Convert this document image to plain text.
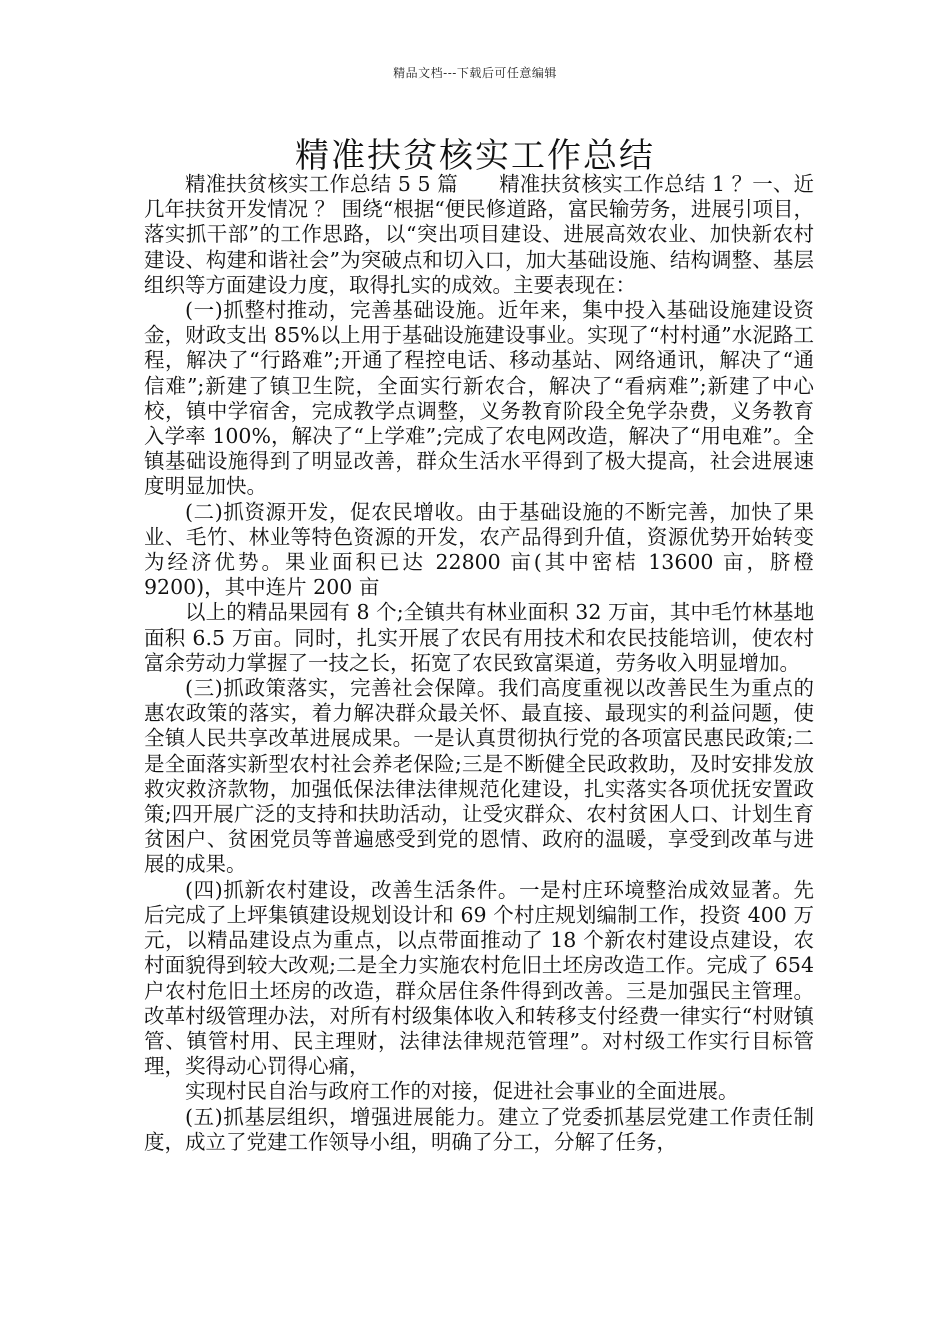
精品文档---下载后可任意编辑
精准扶贫核实工作总结

精准扶贫核实工作总结 5 5 篇　　精准扶贫核实工作总结 1 ？一、近几年扶贫开发情况 ？ 围绕“根据“便民修道路，富民输劳务，进展引项目，落实抓干部”的工作思路，以“突出项目建设、进展高效农业、加快新农村建设、构建和谐社会”为突破点和切入口，加大基础设施、结构调整、基层组织等方面建设力度，取得扎实的成效。主要表现在：

(一)抓整村推动，完善基础设施。近年来，集中投入基础设施建设资金，财政支出 85%以上用于基础设施建设事业。实现了“村村通”水泥路工程，解决了“行路难”;开通了程控电话、移动基站、网络通讯，解决了“通信难”;新建了镇卫生院，全面实行新农合，解决了“看病难”;新建了中心校，镇中学宿舍，完成教学点调整，义务教育阶段全免学杂费，义务教育入学率 100%，解决了“上学难”;完成了农电网改造，解决了“用电难”。全镇基础设施得到了明显改善，群众生活水平得到了极大提高，社会进展速度明显加快。

(二)抓资源开发，促农民增收。由于基础设施的不断完善，加快了果业、毛竹、林业等特色资源的开发，农产品得到升值，资源优势开始转变为经济优势。果业面积已达 22800 亩(其中密桔 13600 亩，脐橙 9200)，其中连片 200 亩

以上的精品果园有 8 个;全镇共有林业面积 32 万亩，其中毛竹林基地面积 6.5 万亩。同时，扎实开展了农民有用技术和农民技能培训，使农村富余劳动力掌握了一技之长，拓宽了农民致富渠道，劳务收入明显增加。

(三)抓政策落实，完善社会保障。我们高度重视以改善民生为重点的惠农政策的落实，着力解决群众最关怀、最直接、最现实的利益问题，使全镇人民共享改革进展成果。一是认真贯彻执行党的各项富民惠民政策;二是全面落实新型农村社会养老保险;三是不断健全民政救助，及时安排发放救灾救济款物，加强低保法律法律规范化建设，扎实落实各项优抚安置政策;四开展广泛的支持和扶助活动，让受灾群众、农村贫困人口、计划生育贫困户、贫困党员等普遍感受到党的恩情、政府的温暖，享受到改革与进展的成果。

(四)抓新农村建设，改善生活条件。一是村庄环境整治成效显著。先后完成了上坪集镇建设规划设计和 69 个村庄规划编制工作，投资 400 万元，以精品建设点为重点，以点带面推动了 18 个新农村建设点建设，农村面貌得到较大改观;二是全力实施农村危旧土坯房改造工作。完成了 654 户农村危旧土坯房的改造，群众居住条件得到改善。三是加强民主管理。改革村级管理办法，对所有村级集体收入和转移支付经费一律实行“村财镇管、镇管村用、民主理财，法律法律规范管理”。对村级工作实行目标管理，奖得动心罚得心痛，

实现村民自治与政府工作的对接，促进社会事业的全面进展。

(五)抓基层组织，增强进展能力。建立了党委抓基层党建工作责任制度，成立了党建工作领导小组，明确了分工，分解了任务，
